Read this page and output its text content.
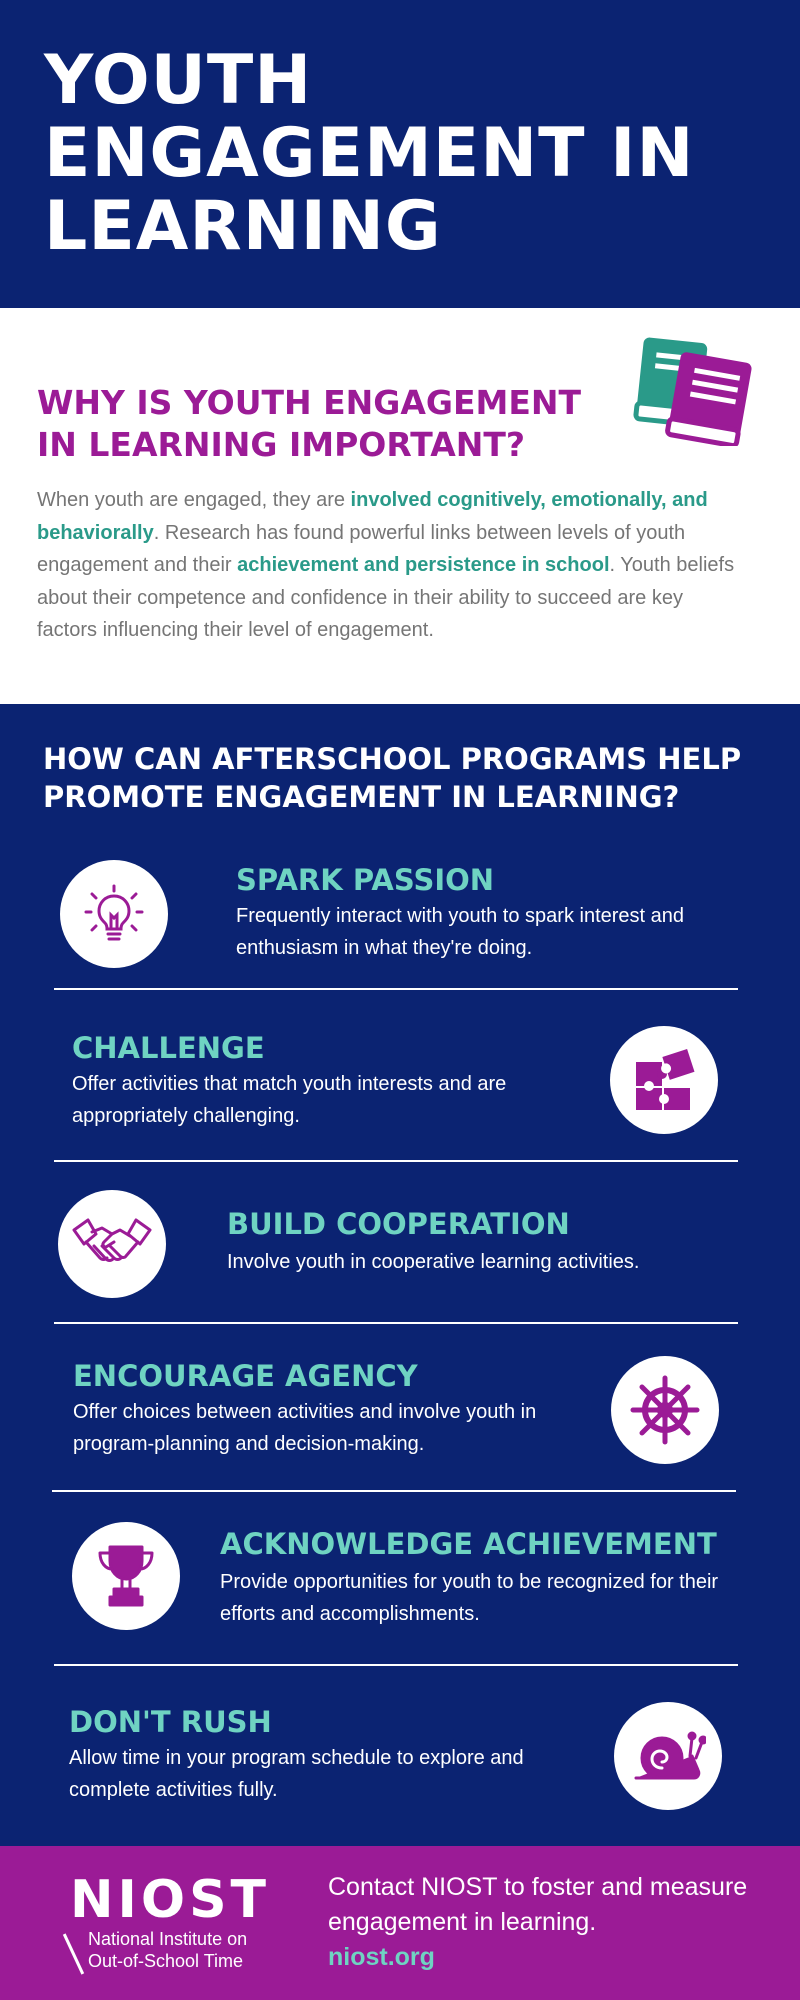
YOUTH ENGAGEMENT IN LEARNING
WHY IS YOUTH ENGAGEMENT IN LEARNING IMPORTANT?

When youth are engaged, they are involved cognitively, emotionally, and behaviorally. Research has found powerful links between levels of youth engagement and their achievement and persistence in school. Youth beliefs about their competence and confidence in their ability to succeed are key factors influencing their level of engagement.

HOW CAN AFTERSCHOOL PROGRAMS HELP PROMOTE ENGAGEMENT IN LEARNING?
SPARK PASSION
Frequently interact with youth to spark interest and enthusiasm in what they're doing.
CHALLENGE
Offer activities that match youth interests and are appropriately challenging.
BUILD COOPERATION
Involve youth in cooperative learning activities.
ENCOURAGE AGENCY
Offer choices between activities and involve youth in program-planning and decision-making.
ACKNOWLEDGE ACHIEVEMENT
Provide opportunities for youth to be recognized for their efforts and accomplishments.
DON'T RUSH
Allow time in your program schedule to explore and complete activities fully.
NIOST
National Institute on
Out-of-School Time
Contact NIOST to foster and measure engagement in learning.
niost.org
